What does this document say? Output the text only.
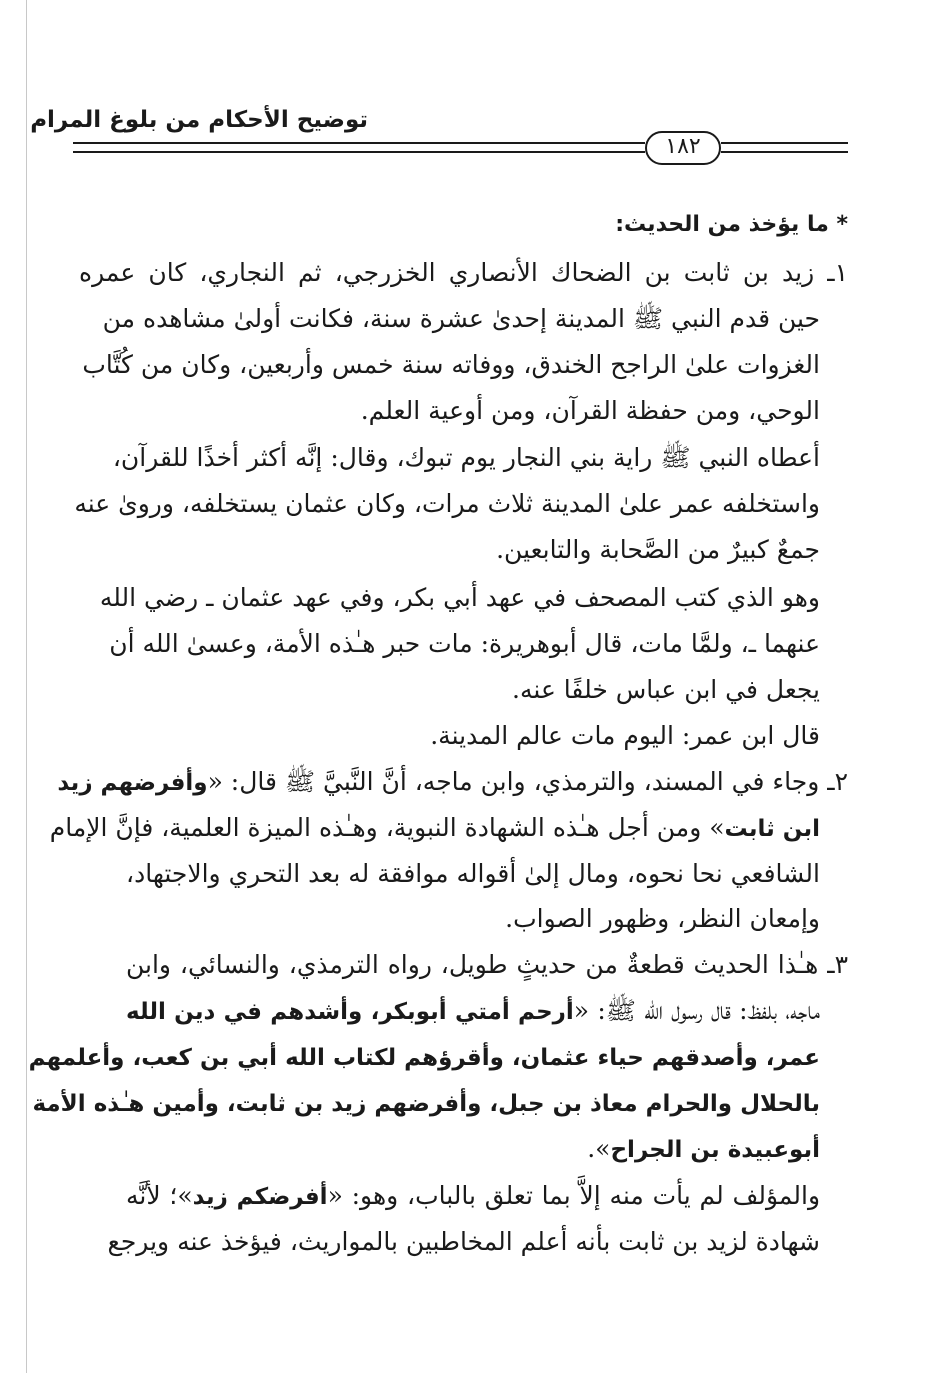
توضيح الأحكام من بلوغ المرام
١٨٢
* ما يؤخذ من الحديث:
١ـ زيد بن ثابت بن الضحاك الأنصاري الخزرجي، ثم النجاري، كان عمره
حين قدم النبي ﷺ المدينة إحدىٰ عشرة سنة، فكانت أولىٰ مشاهده من
الغزوات علىٰ الراجح الخندق، ووفاته سنة خمس وأربعين، وكان من كُتَّاب
الوحي، ومن حفظة القرآن، ومن أوعية العلم.
أعطاه النبي ﷺ راية بني النجار يوم تبوك، وقال: إنَّه أكثر أخذًا للقرآن،
واستخلفه عمر علىٰ المدينة ثلاث مرات، وكان عثمان يستخلفه، وروىٰ عنه
جمعٌ كبيرٌ من الصَّحابة والتابعين.
وهو الذي كتب المصحف في عهد أبي بكر، وفي عهد عثمان ـ رضي الله
عنهما ـ، ولمَّا مات، قال أبوهريرة: مات حبر هـٰذه الأمة، وعسىٰ الله أن
يجعل في ابن عباس خلفًا عنه.
قال ابن عمر: اليوم مات عالم المدينة.
٢ـ وجاء في المسند، والترمذي، وابن ماجه، أنَّ النَّبيَّ ﷺ قال: «وأفرضهم زيد
ابن ثابت» ومن أجل هـٰذه الشهادة النبوية، وهـٰذه الميزة العلمية، فإنَّ الإمام
الشافعي نحا نحوه، ومال إلىٰ أقواله موافقة له بعد التحري والاجتهاد،
وإمعان النظر، وظهور الصواب.
٣ـ هـٰذا الحديث قطعةٌ من حديثٍ طويل، رواه الترمذي، والنسائي، وابن
ماجه، بلفظ: قال رسول الله ﷺ: «أرحم أمتي أبوبكر، وأشدهم في دين الله
عمر، وأصدقهم حياء عثمان، وأقرؤهم لكتاب الله أبي بن كعب، وأعلمهم
بالحلال والحرام معاذ بن جبل، وأفرضهم زيد بن ثابت، وأمين هـٰذه الأمة
أبوعبيدة بن الجراح».
والمؤلف لم يأت منه إلاَّ بما تعلق بالباب، وهو: «أفرضكم زيد»؛ لأنَّه
شهادة لزيد بن ثابت بأنه أعلم المخاطبين بالمواريث، فيؤخذ عنه ويرجع
